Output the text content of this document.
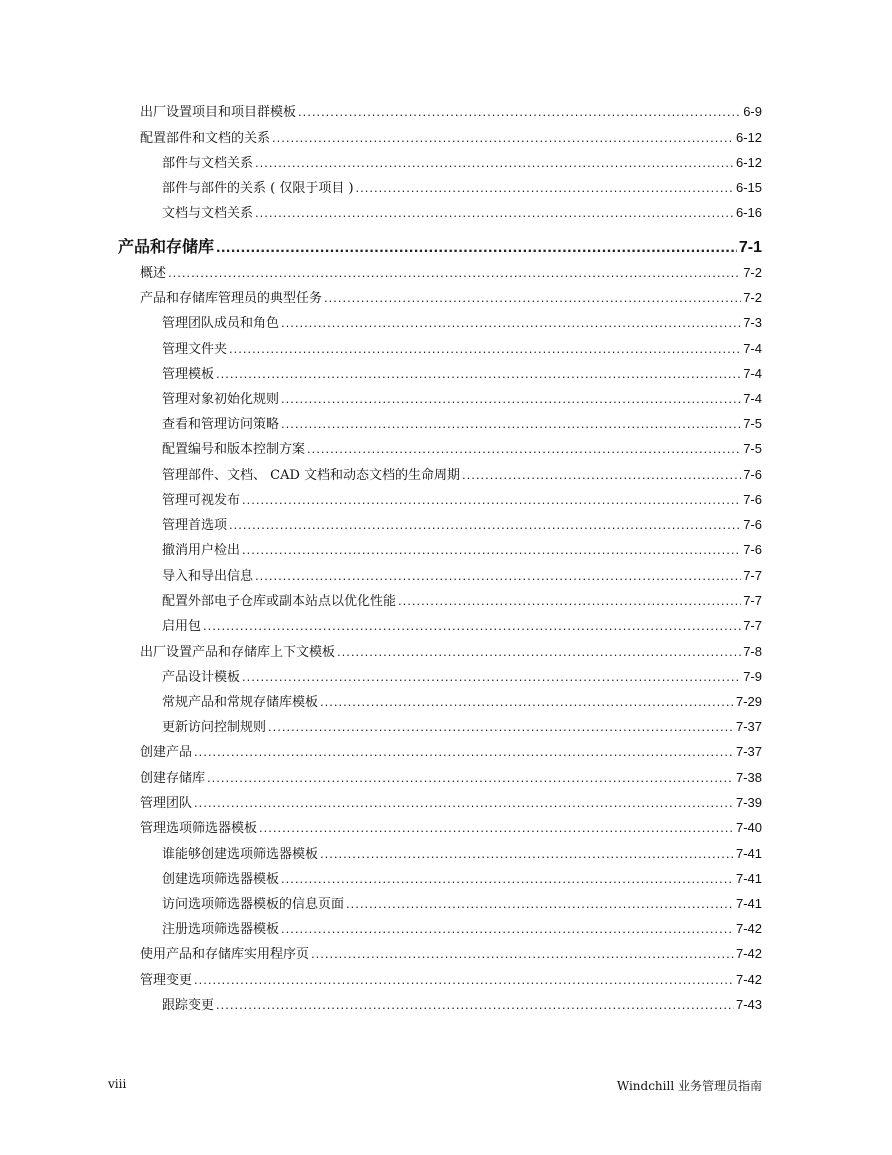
出厂设置项目和项目群模板 .....	6-9
配置部件和文档的关系 .....	6-12
部件与文档关系 .....	6-12
部件与部件的关系 ( 仅限于项目 ) .....	6-15
文档与文档关系 .....	6-16
产品和存储库 .....	7-1
概述 .....	7-2
产品和存储库管理员的典型任务 .....	7-2
管理团队成员和角色 .....	7-3
管理文件夹 .....	7-4
管理模板 .....	7-4
管理对象初始化规则 .....	7-4
查看和管理访问策略 .....	7-5
配置编号和版本控制方案 .....	7-5
管理部件、文档、 CAD 文档和动态文档的生命周期 .....	7-6
管理可视发布 .....	7-6
管理首选项 .....	7-6
撤消用户检出 .....	7-6
导入和导出信息 .....	7-7
配置外部电子仓库或副本站点以优化性能 .....	7-7
启用包 .....	7-7
出厂设置产品和存储库上下文模板 .....	7-8
产品设计模板 .....	7-9
常规产品和常规存储库模板 .....	7-29
更新访问控制规则 .....	7-37
创建产品 .....	7-37
创建存储库 .....	7-38
管理团队 .....	7-39
管理选项筛选器模板 .....	7-40
谁能够创建选项筛选器模板 .....	7-41
创建选项筛选器模板 .....	7-41
访问选项筛选器模板的信息页面 .....	7-41
注册选项筛选器模板 .....	7-42
使用产品和存储库实用程序页 .....	7-42
管理变更 .....	7-42
跟踪变更 .....	7-43
viii	Windchill 业务管理员指南
